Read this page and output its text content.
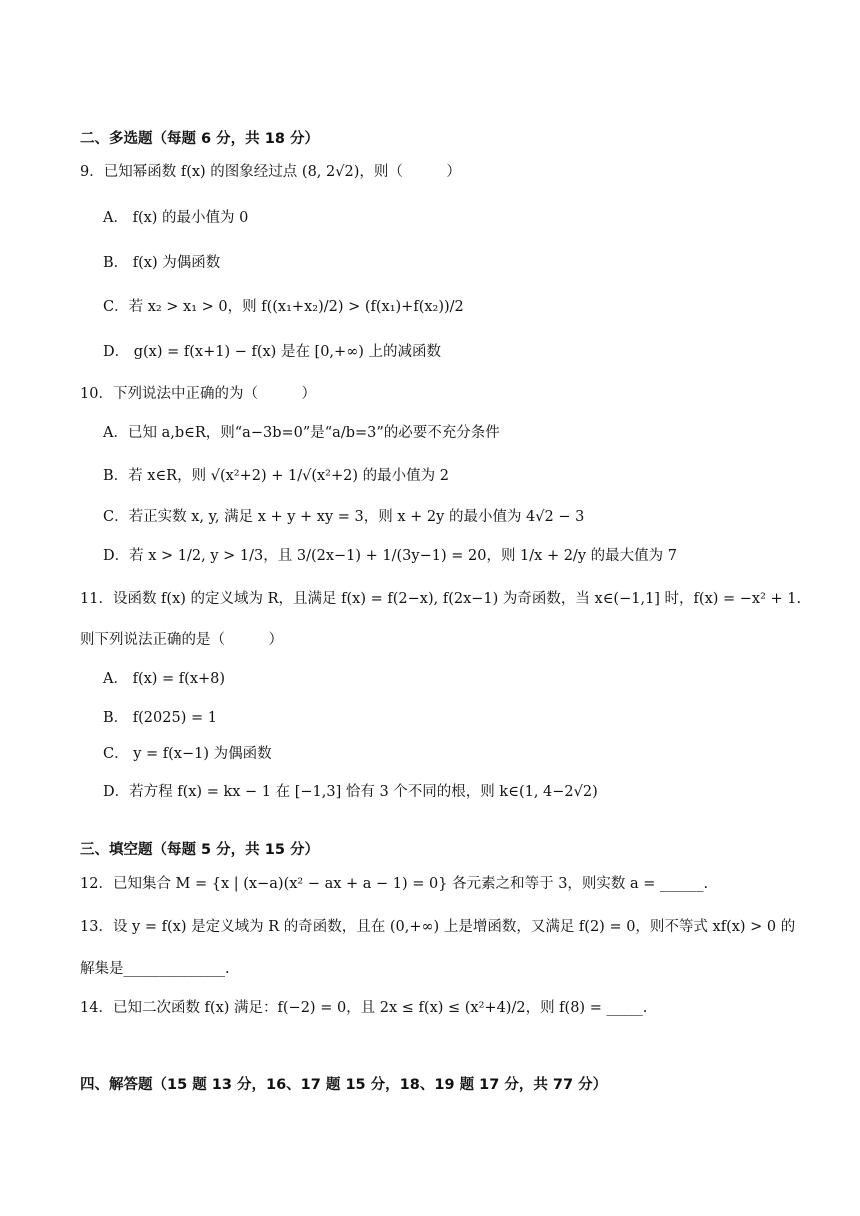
二、多选题（每题 6 分，共 18 分）
9．已知幂函数 f(x) 的图象经过点 (8, 2√2)，则（　　　）
A． f(x) 的最小值为 0
B． f(x) 为偶函数
C．若 x₂ > x₁ > 0，则 f((x₁+x₂)/2) > (f(x₁)+f(x₂))/2
D． g(x) = f(x+1) − f(x) 是在 [0,+∞) 上的减函数
10．下列说法中正确的为（　　　）
A．已知 a,b∈R，则“a−3b=0”是“a/b=3”的必要不充分条件
B．若 x∈R，则 √(x²+2) + 1/√(x²+2) 的最小值为 2
C．若正实数 x, y, 满足 x + y + xy = 3，则 x + 2y 的最小值为 4√2 − 3
D．若 x > 1/2, y > 1/3，且 3/(2x−1) + 1/(3y−1) = 20，则 1/x + 2/y 的最大值为 7
11．设函数 f(x) 的定义域为 R，且满足 f(x) = f(2−x), f(2x−1) 为奇函数，当 x∈(−1,1] 时，f(x) = −x² + 1.
则下列说法正确的是（　　　）
A． f(x) = f(x+8)
B． f(2025) = 1
C． y = f(x−1) 为偶函数
D．若方程 f(x) = kx − 1 在 [−1,3] 恰有 3 个不同的根，则 k∈(1, 4−2√2)
三、填空题（每题 5 分，共 15 分）
12．已知集合 M = {x | (x−a)(x² − ax + a − 1) = 0} 各元素之和等于 3，则实数 a = ______.
13．设 y = f(x) 是定义域为 R 的奇函数，且在 (0,+∞) 上是增函数，又满足 f(2) = 0，则不等式 xf(x) > 0 的
解集是______________.
14．已知二次函数 f(x) 满足：f(−2) = 0，且 2x ≤ f(x) ≤ (x²+4)/2，则 f(8) = _____.
四、解答题（15 题 13 分，16、17 题 15 分，18、19 题 17 分，共 77 分）
